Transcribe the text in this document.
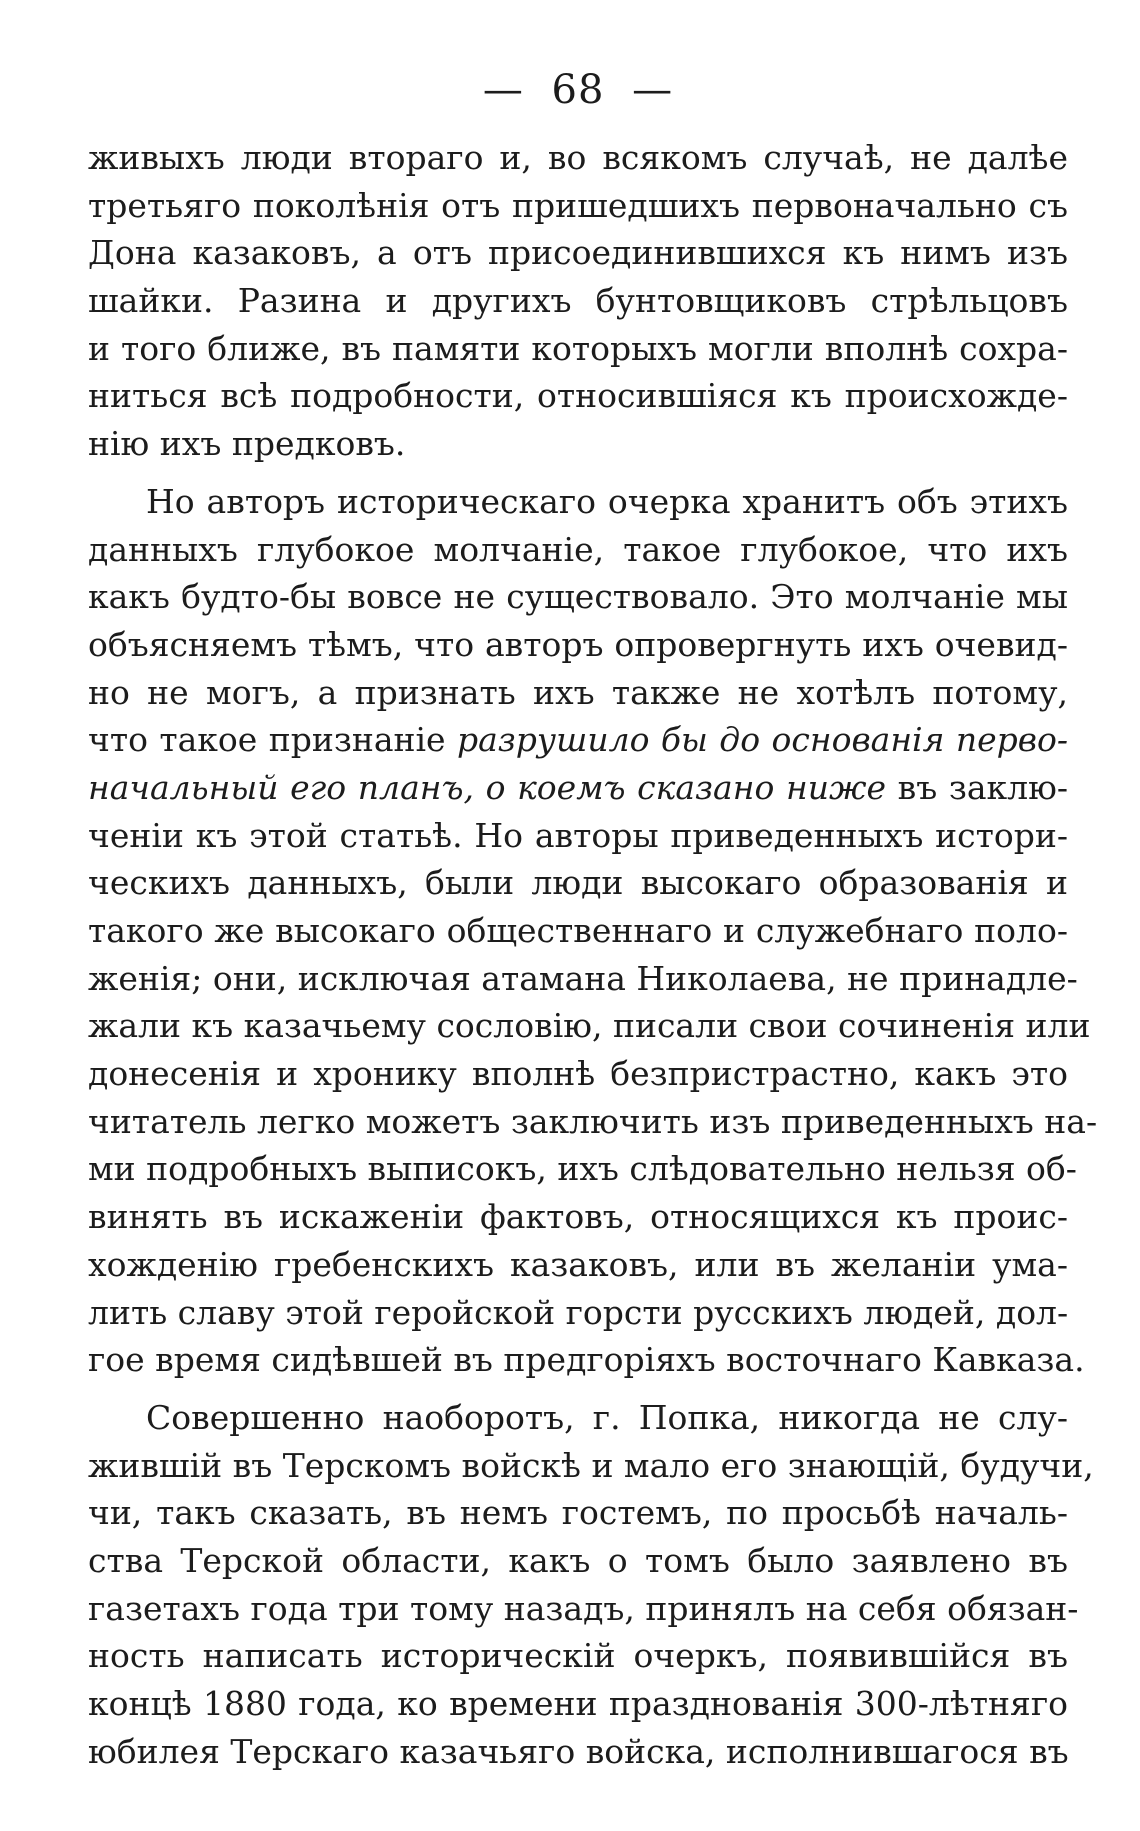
— 68 —
живыхъ люди втораго и, во всякомъ случаѣ, не далѣе
третьяго поколѣнія отъ пришедшихъ первоначально съ
Дона казаковъ, а отъ присоединившихся къ нимъ изъ
шайки. Разина и другихъ бунтовщиковъ стрѣльцовъ
и того ближе, въ памяти которыхъ могли вполнѣ сохра-
ниться всѣ подробности, относившіяся къ происхожде-
нію ихъ предковъ.
Но авторъ историческаго очерка хранитъ объ этихъ
данныхъ глубокое молчаніе, такое глубокое, что ихъ
какъ будто-бы вовсе не существовало. Это молчаніе мы
объясняемъ тѣмъ, что авторъ опровергнуть ихъ очевид-
но не могъ, а признать ихъ также не хотѣлъ потому,
что такое признаніе разрушило бы до основанія перво-
начальный его планъ, о коемъ сказано ниже въ заклю-
ченіи къ этой статьѣ. Но авторы приведенныхъ истори-
ческихъ данныхъ, были люди высокаго образованія и
такого же высокаго общественнаго и служебнаго поло-
женія; они, исключая атамана Николаева, не принадле-
жали къ казачьему сословію, писали свои сочиненія или
донесенія и хронику вполнѣ безпристрастно, какъ это
читатель легко можетъ заключить изъ приведенныхъ на-
ми подробныхъ выписокъ, ихъ слѣдовательно нельзя об-
винять въ искаженіи фактовъ, относящихся къ проис-
хожденію гребенскихъ казаковъ, или въ желаніи ума-
лить славу этой геройской горсти русскихъ людей, дол-
гое время сидѣвшей въ предгоріяхъ восточнаго Кавказа.
Совершенно наоборотъ, г. Попка, никогда не слу-
жившій въ Терскомъ войскѣ и мало его знающій, будучи,
чи, такъ сказать, въ немъ гостемъ, по просьбѣ началь-
ства Терской области, какъ о томъ было заявлено въ
газетахъ года три тому назадъ, принялъ на себя обязан-
ность написать историческій очеркъ, появившійся въ
концѣ 1880 года, ко времени празднованія 300-лѣтняго
юбилея Терскаго казачьяго войска, исполнившагося въ
